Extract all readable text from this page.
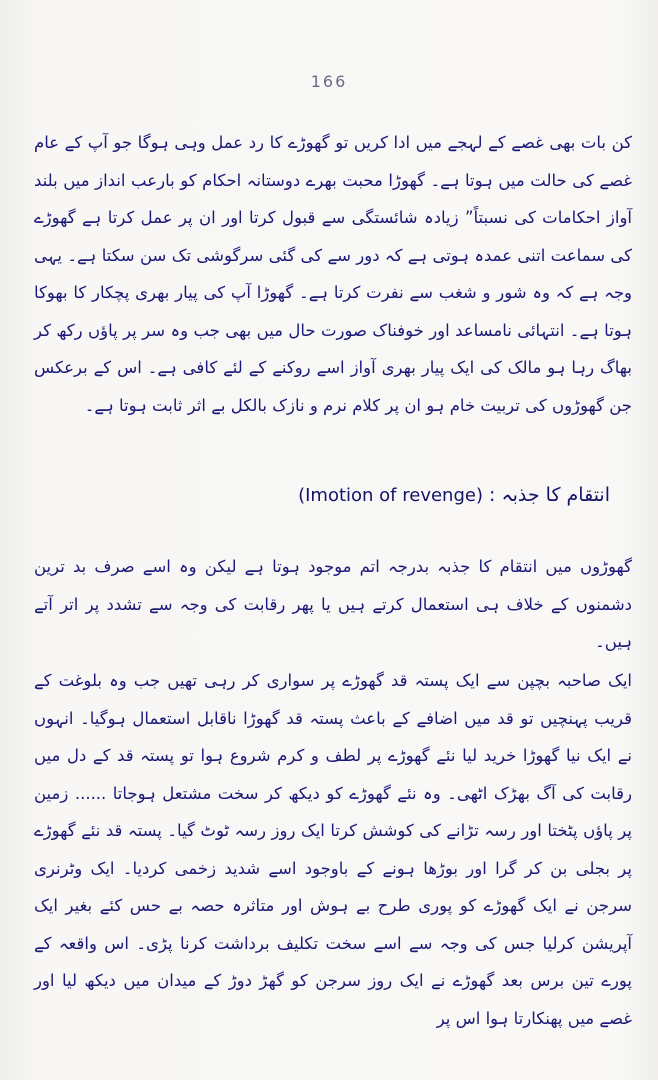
166

کن بات بھی غصے کے لہجے میں ادا کریں تو گھوڑے کا رد عمل وہی ہوگا جو آپ کے عام غصے کی حالت میں ہوتا ہے۔ گھوڑا محبت بھرے دوستانہ احکام کو بارعب انداز میں بلند آواز احکامات کی نسبتاً” زیادہ شائستگی سے قبول کرتا اور ان پر عمل کرتا ہے گھوڑے کی سماعت اتنی عمدہ ہوتی ہے کہ دور سے کی گئی سرگوشی تک سن سکتا ہے۔ یہی وجہ ہے کہ وہ شور و شغب سے نفرت کرتا ہے۔ گھوڑا آپ کی پیار بھری پچکار کا بھوکا ہوتا ہے۔ انتہائی نامساعد اور خوفناک صورت حال میں بھی جب وہ سر پر پاؤں رکھ کر بھاگ رہا ہو مالک کی ایک پیار بھری آواز اسے روکنے کے لئے کافی ہے۔ اس کے برعکس جن گھوڑوں کی تربیت خام ہو ان پر کلام نرم و نازک بالکل بے اثر ثابت ہوتا ہے۔

انتقام کا جذبہ : (Imotion of revenge)

گھوڑوں میں انتقام کا جذبہ بدرجہ اتم موجود ہوتا ہے لیکن وہ اسے صرف بد ترین دشمنوں کے خلاف ہی استعمال کرتے ہیں یا پھر رقابت کی وجہ سے تشدد پر اتر آتے ہیں۔

ایک صاحبہ بچپن سے ایک پستہ قد گھوڑے پر سواری کر رہی تھیں جب وہ بلوغت کے قریب پہنچیں تو قد میں اضافے کے باعث پستہ قد گھوڑا ناقابل استعمال ہوگیا۔ انہوں نے ایک نیا گھوڑا خرید لیا نئے گھوڑے پر لطف و کرم شروع ہوا تو پستہ قد کے دل میں رقابت کی آگ بھڑک اٹھی۔ وہ نئے گھوڑے کو دیکھ کر سخت مشتعل ہوجاتا ...... زمین پر پاؤں پٹختا اور رسہ تڑانے کی کوشش کرتا ایک روز رسہ ٹوٹ گیا۔ پستہ قد نئے گھوڑے پر بجلی بن کر گرا اور بوڑھا ہونے کے باوجود اسے شدید زخمی کردیا۔ ایک وٹرنری سرجن نے ایک گھوڑے کو پوری طرح بے ہوش اور متاثرہ حصہ بے حس کئے بغیر ایک آپریشن کرلیا جس کی وجہ سے اسے سخت تکلیف برداشت کرنا پڑی۔ اس واقعہ کے پورے تین برس بعد گھوڑے نے ایک روز سرجن کو گھڑ دوڑ کے میدان میں دیکھ لیا اور غصے میں پھنکارتا ہوا اس پر
